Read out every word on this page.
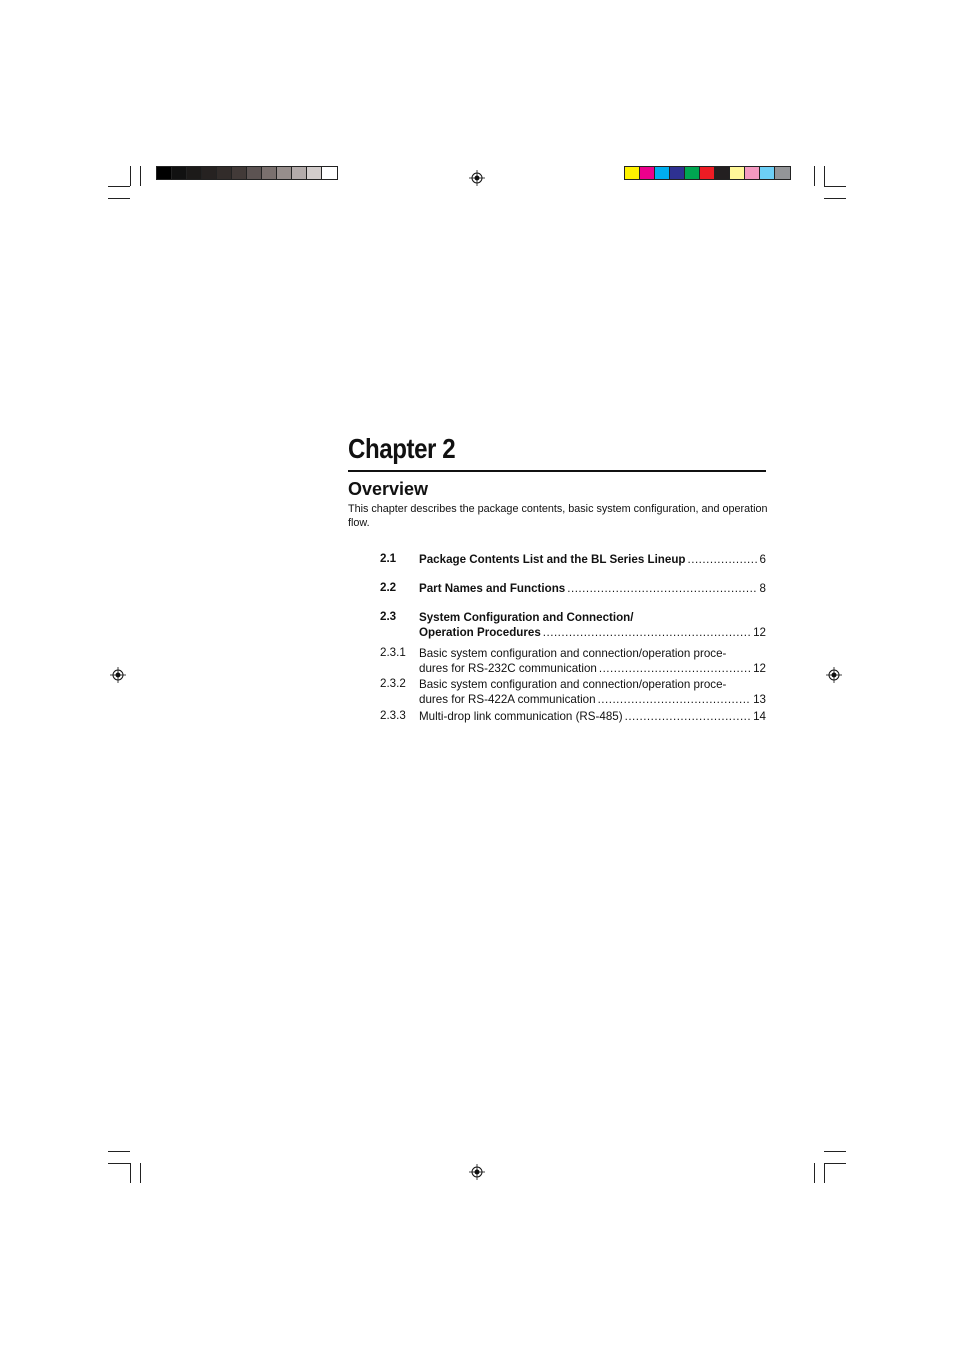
Chapter 2
Overview
This chapter describes the package contents, basic system configuration, and operation flow.
2.1 Package Contents List and the BL Series Lineup .....	6
2.2 Part Names and Functions .....	8
2.3 System Configuration and Connection/
Operation Procedures .....	12
2.3.1 Basic system configuration and connection/operation proce-
dures for RS-232C communication .....	12
2.3.2 Basic system configuration and connection/operation proce-
dures for RS-422A communication .....	13
2.3.3 Multi-drop link communication (RS-485) .....	14
